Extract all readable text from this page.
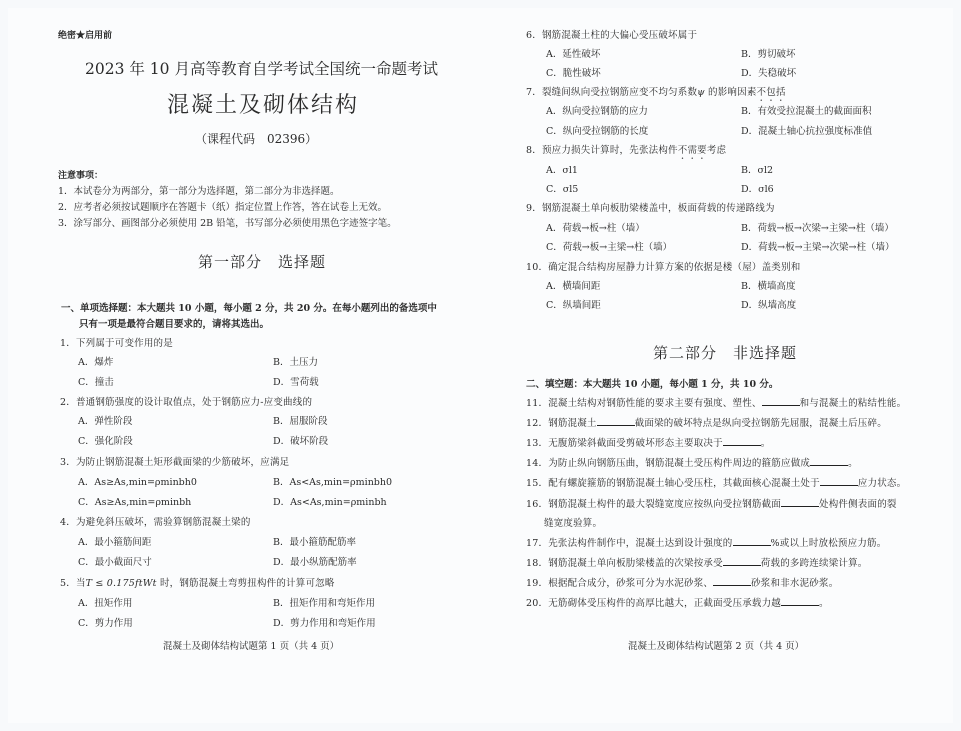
绝密★启用前
2023 年 10 月高等教育自学考试全国统一命题考试
混凝土及砌体结构
（课程代码　02396）
注意事项：
1．本试卷分为两部分，第一部分为选择题，第二部分为非选择题。
2．应考者必须按试题顺序在答题卡（纸）指定位置上作答，答在试卷上无效。
3．涂写部分、画图部分必须使用 2B 铅笔，书写部分必须使用黑色字迹签字笔。
第一部分　选择题
一、单项选择题：本大题共 10 小题，每小题 2 分，共 20 分。在每小题列出的备选项中
只有一项是最符合题目要求的，请将其选出。
1．下列属于可变作用的是
A．爆炸	B．土压力
C．撞击	D．雪荷载
2．普通钢筋强度的设计取值点，处于钢筋应力-应变曲线的
A．弹性阶段	B．屈服阶段
C．强化阶段	D．破坏阶段
3．为防止钢筋混凝土矩形截面梁的少筋破坏，应满足
A．As≥As,min=ρminbh0	B．As<As,min=ρminbh0
C．As≥As,min=ρminbh	D．As<As,min=ρminbh
4．为避免斜压破坏，需验算钢筋混凝土梁的
A．最小箍筋间距	B．最小箍筋配筋率
C．最小截面尺寸	D．最小纵筋配筋率
5．当T ≤ 0.175ftWt 时，钢筋混凝土弯剪扭构件的计算可忽略
A．扭矩作用	B．扭矩作用和弯矩作用
C．剪力作用	D．剪力作用和弯矩作用
混凝土及砌体结构试题第 1 页（共 4 页）
6．钢筋混凝土柱的大偏心受压破坏属于
A．延性破坏	B．剪切破坏
C．脆性破坏	D．失稳破坏
7．裂缝间纵向受拉钢筋应变不均匀系数ψ 的影响因素不包括
A．纵向受拉钢筋的应力	B．有效受拉混凝土的截面面积
C．纵向受拉钢筋的长度	D．混凝土轴心抗拉强度标准值
8．预应力损失计算时，先张法构件不需要考虑
A．σl1	B．σl2
C．σl5	D．σl6
9．钢筋混凝土单向板肋梁楼盖中，板面荷载的传递路线为
A．荷载→板→柱（墙）	B．荷载→板→次梁→主梁→柱（墙）
C．荷载→板→主梁→柱（墙）	D．荷载→板→主梁→次梁→柱（墙）
10．确定混合结构房屋静力计算方案的依据是楼（屋）盖类别和
A．横墙间距	B．横墙高度
C．纵墙间距	D．纵墙高度
第二部分　非选择题
二、填空题：本大题共 10 小题，每小题 1 分，共 10 分。
11．混凝土结构对钢筋性能的要求主要有强度、塑性、	和与混凝土的粘结性能。
12．钢筋混凝土	截面梁的破坏特点是纵向受拉钢筋先屈服，混凝土后压碎。
13．无腹筋梁斜截面受剪破坏形态主要取决于	。
14．为防止纵向钢筋压曲，钢筋混凝土受压构件周边的箍筋应做成	。
15．配有螺旋箍筋的钢筋混凝土轴心受压柱，其截面核心混凝土处于	应力状态。
16．钢筋混凝土构件的最大裂缝宽度应按纵向受拉钢筋截面	处构件侧表面的裂
缝宽度验算。
17．先张法构件制作中，混凝土达到设计强度的	%或以上时放松预应力筋。
18．钢筋混凝土单向板肋梁楼盖的次梁按承受	荷载的多跨连续梁计算。
19．根据配合成分，砂浆可分为水泥砂浆、	砂浆和非水泥砂浆。
20．无筋砌体受压构件的高厚比越大，正截面受压承载力越	。
混凝土及砌体结构试题第 2 页（共 4 页）
